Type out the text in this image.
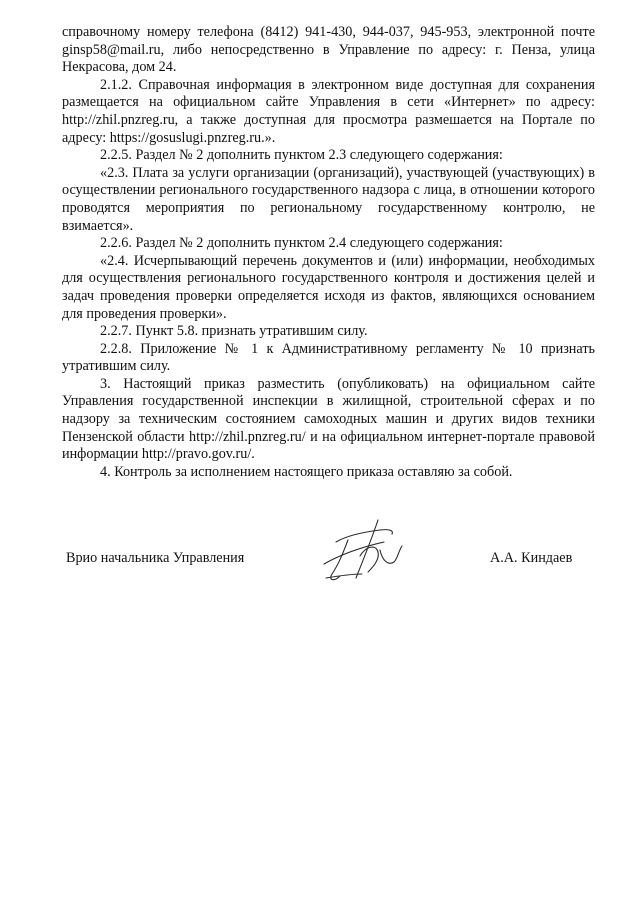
справочному номеру телефона (8412) 941-430, 944-037, 945-953, электронной почте ginsp58@mail.ru, либо непосредственно в Управление по адресу: г. Пенза, улица Некрасова, дом 24.

2.1.2. Справочная информация в электронном виде доступная для сохранения размещается на официальном сайте Управления в сети «Интернет» по адресу: http://zhil.pnzreg.ru, а также доступная для просмотра размешается на Портале по адресу: https://gosuslugi.pnzreg.ru.».

2.2.5. Раздел № 2 дополнить пунктом 2.3 следующего содержания:

«2.3. Плата за услуги организации (организаций), участвующей (участвующих) в осуществлении регионального государственного надзора с лица, в отношении которого проводятся мероприятия по региональному государственному контролю, не взимается».

2.2.6. Раздел № 2 дополнить пунктом 2.4 следующего содержания:

«2.4. Исчерпывающий перечень документов и (или) информации, необходимых для осуществления регионального государственного контроля и достижения целей и задач проведения проверки определяется исходя из фактов, являющихся основанием для проведения проверки».

2.2.7. Пункт 5.8. признать утратившим силу.

2.2.8. Приложение № 1 к Административному регламенту № 10 признать утратившим силу.

3. Настоящий приказ разместить (опубликовать) на официальном сайте Управления государственной инспекции в жилищной, строительной сферах и по надзору за техническим состоянием самоходных машин и других видов техники Пензенской области http://zhil.pnzreg.ru/ и на официальном интернет-портале правовой информации http://pravo.gov.ru/.

4. Контроль за исполнением настоящего приказа оставляю за собой.

Врио начальника Управления	А.А. Киндаев
